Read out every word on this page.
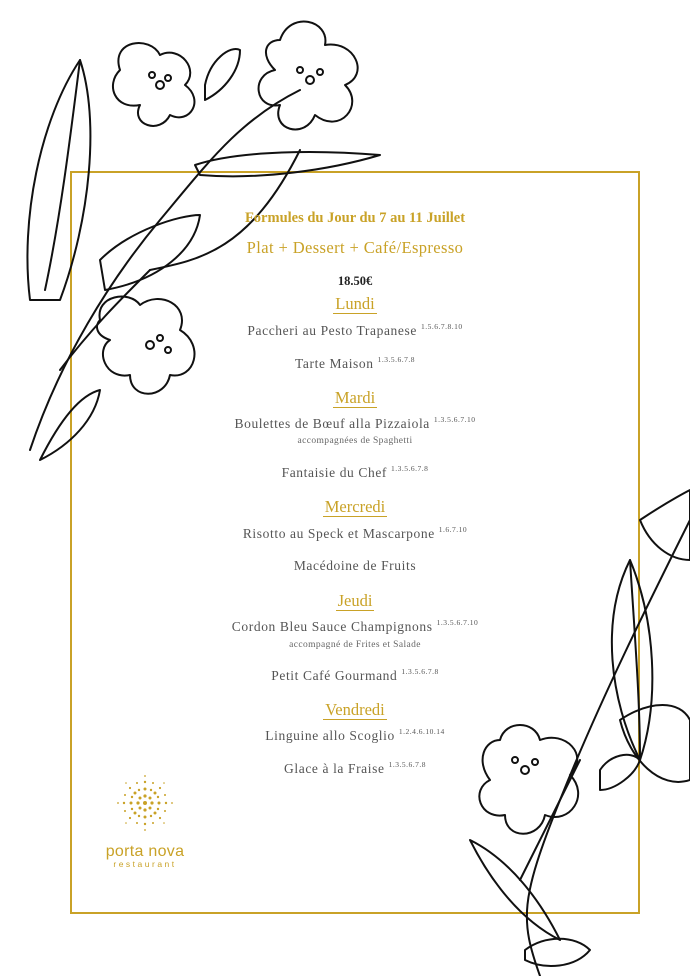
Formules du Jour du 7 au 11 Juillet
Plat + Dessert + Café/Espresso
18.50€
Lundi
Paccheri au Pesto Trapanese $^{1.5.6.7.8.10}$
Tarte Maison $^{1.3.5.6.7.8}$
Mardi
Boulettes de Bœuf alla Pizzaiola $^{1.3.5.6.7.10}$
accompagnées de Spaghetti
Fantaisie du Chef $^{1.3.5.6.7.8}$
Mercredi
Risotto au Speck et Mascarpone $^{1.6.7.10}$
Macédoine de Fruits
Jeudi
Cordon Bleu Sauce Champignons $^{1.3.5.6.7.10}$
accompagné de Frites et Salade
Petit Café Gourmand $^{1.3.5.6.7.8}$
Vendredi
Linguine allo Scoglio $^{1.2.4.6.10.14}$
Glace à la Fraise $^{1.3.5.6.7.8}$
porta nova
restaurant
